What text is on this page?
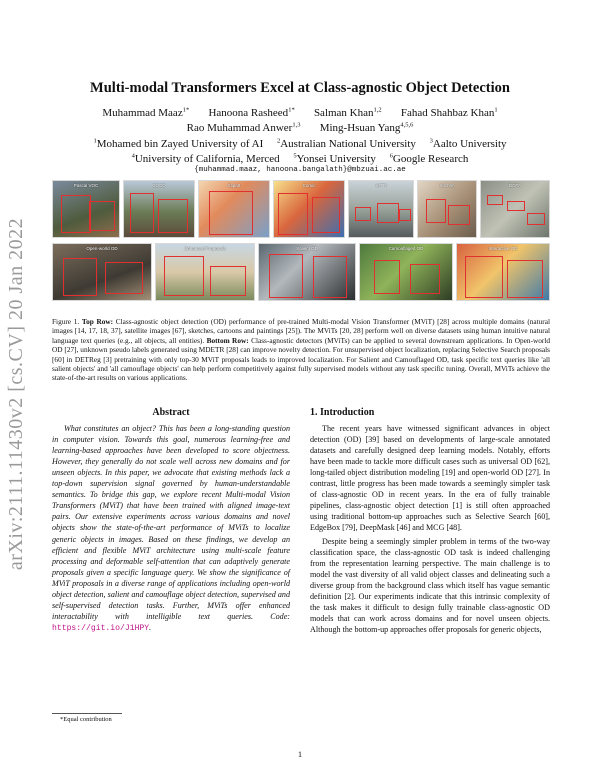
arXiv:2111.11430v2 [cs.CV] 20 Jan 2022
Multi-modal Transformers Excel at Class-agnostic Object Detection
Muhammad Maaz$^{1*}$ Hanoona Rasheed$^{1*}$ Salman Khan$^{1,2}$ Fahad Shahbaz Khan$^1$
Rao Muhammad Anwer$^{1,3}$ Ming-Hsuan Yang$^{4,5,6}$
$^1$Mohamed bin Zayed University of AI $^2$Australian National University $^3$Aalto University
$^4$University of California, Merced $^5$Yonsei University $^6$Google Research
{muhammad.maaz, hanoona.bangalath}@mbzuai.ac.ae
Pascal VOC	COCO	Clipart	Comic	KITTI	Kitchen	DOTA
Open-world OD	Enhanced Proposals	Salient OD	Camouflaged OD	Interactive OD
Figure 1. Top Row: Class-agnostic object detection (OD) performance of pre-trained Multi-modal Vision Transformer (MViT) [28] across multiple domains (natural images [14, 17, 18, 37], satellite images [67], sketches, cartoons and paintings [25]). The MViTs [20, 28] perform well on diverse datasets using human intuitive natural language text queries (e.g., all objects, all entities). Bottom Row: Class-agnostic detectors (MViTs) can be applied to several downstream applications. In Open-world OD [27], unknown pseudo labels generated using MDETR [28] can improve novelty detection. For unsupervised object localization, replacing Selective Search proposals [60] in DETReg [3] pretraining with only top-30 MViT proposals leads to improved localization. For Salient and Camouflaged OD, task specific text queries like 'all salient objects' and 'all camouflage objects' can help perform competitively against fully supervised models without any task specific tuning. Overall, MViTs achieve the state-of-the-art results on various applications.
Abstract
What constitutes an object? This has been a long-standing question in computer vision. Towards this goal, numerous learning-free and learning-based approaches have been developed to score objectness. However, they generally do not scale well across new domains and for unseen objects. In this paper, we advocate that existing methods lack a top-down supervision signal governed by human-understandable semantics. To bridge this gap, we explore recent Multi-modal Vision Transformers (MViT) that have been trained with aligned image-text pairs. Our extensive experiments across various domains and novel objects show the state-of-the-art performance of MViTs to localize generic objects in images. Based on these findings, we develop an efficient and flexible MViT architecture using multi-scale feature processing and deformable self-attention that can adaptively generate proposals given a specific language query. We show the significance of MViT proposals in a diverse range of applications including open-world object detection, salient and camouflage object detection, supervised and self-supervised detection tasks. Further, MViTs offer enhanced interactability with intelligible text queries. Code: https://git.io/J1HPY.
*Equal contribution
1. Introduction
The recent years have witnessed significant advances in object detection (OD) [39] based on developments of large-scale annotated datasets and carefully designed deep learning models. Notably, efforts have been made to tackle more difficult cases such as universal OD [62], long-tailed object distribution modeling [19] and open-world OD [27]. In contrast, little progress has been made towards a seemingly simpler task of class-agnostic OD in recent years. In the era of fully trainable pipelines, class-agnostic object detection [1] is still often approached using traditional bottom-up approaches such as Selective Search [60], EdgeBox [79], DeepMask [46] and MCG [48].
Despite being a seemingly simpler problem in terms of the two-way classification space, the class-agnostic OD task is indeed challenging from the representation learning perspective. The main challenge is to model the vast diversity of all valid object classes and delineating such a diverse group from the background class which itself has vague semantic definition [2]. Our experiments indicate that this intrinsic complexity of the task makes it difficult to design fully trainable class-agnostic OD models that can work across domains and for novel unseen objects. Although the bottom-up approaches offer proposals for generic objects,
1
